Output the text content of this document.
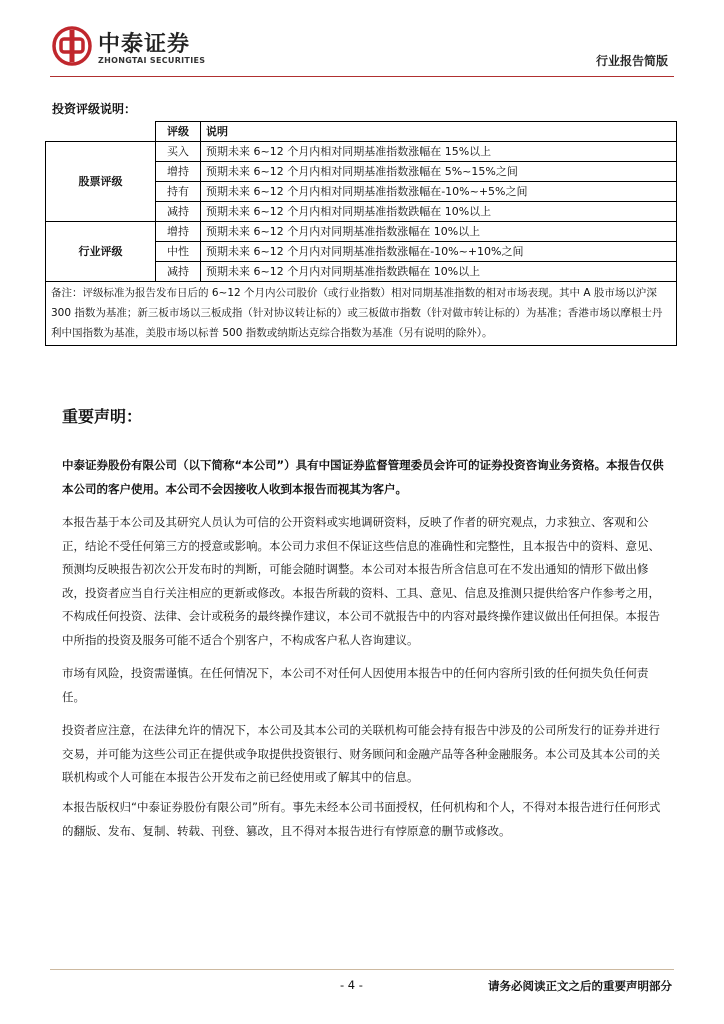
中泰证券
ZHONGTAI SECURITIES	行业报告简版
投资评级说明：
	评级	说明
股票评级	买入	预期未来 6~12 个月内相对同期基准指数涨幅在 15%以上
	增持	预期未来 6~12 个月内相对同期基准指数涨幅在 5%~15%之间
	持有	预期未来 6~12 个月内相对同期基准指数涨幅在-10%~+5%之间
	减持	预期未来 6~12 个月内相对同期基准指数跌幅在 10%以上
行业评级	增持	预期未来 6~12 个月内对同期基准指数涨幅在 10%以上
	中性	预期未来 6~12 个月内对同期基准指数涨幅在-10%~+10%之间
	减持	预期未来 6~12 个月内对同期基准指数跌幅在 10%以上
备注：评级标准为报告发布日后的 6~12 个月内公司股价（或行业指数）相对同期基准指数的相对市场表现。其中 A 股市场以沪深 300 指数为基准；新三板市场以三板成指（针对协议转让标的）或三板做市指数（针对做市转让标的）为基准；香港市场以摩根士丹利中国指数为基准，美股市场以标普 500 指数或纳斯达克综合指数为基准（另有说明的除外）。		
重要声明：
中泰证券股份有限公司（以下简称“本公司”）具有中国证券监督管理委员会许可的证券投资咨询业务资格。本报告仅供本公司的客户使用。本公司不会因接收人收到本报告而视其为客户。
本报告基于本公司及其研究人员认为可信的公开资料或实地调研资料，反映了作者的研究观点，力求独立、客观和公正，结论不受任何第三方的授意或影响。本公司力求但不保证这些信息的准确性和完整性，且本报告中的资料、意见、预测均反映报告初次公开发布时的判断，可能会随时调整。本公司对本报告所含信息可在不发出通知的情形下做出修改，投资者应当自行关注相应的更新或修改。本报告所载的资料、工具、意见、信息及推测只提供给客户作参考之用，不构成任何投资、法律、会计或税务的最终操作建议，本公司不就报告中的内容对最终操作建议做出任何担保。本报告中所指的投资及服务可能不适合个别客户，不构成客户私人咨询建议。
市场有风险，投资需谨慎。在任何情况下，本公司不对任何人因使用本报告中的任何内容所引致的任何损失负任何责任。
投资者应注意，在法律允许的情况下，本公司及其本公司的关联机构可能会持有报告中涉及的公司所发行的证券并进行交易，并可能为这些公司正在提供或争取提供投资银行、财务顾问和金融产品等各种金融服务。本公司及其本公司的关联机构或个人可能在本报告公开发布之前已经使用或了解其中的信息。
本报告版权归“中泰证券股份有限公司”所有。事先未经本公司书面授权，任何机构和个人，不得对本报告进行任何形式的翻版、发布、复制、转载、刊登、篡改，且不得对本报告进行有悖原意的删节或修改。
- 4 -	请务必阅读正文之后的重要声明部分
